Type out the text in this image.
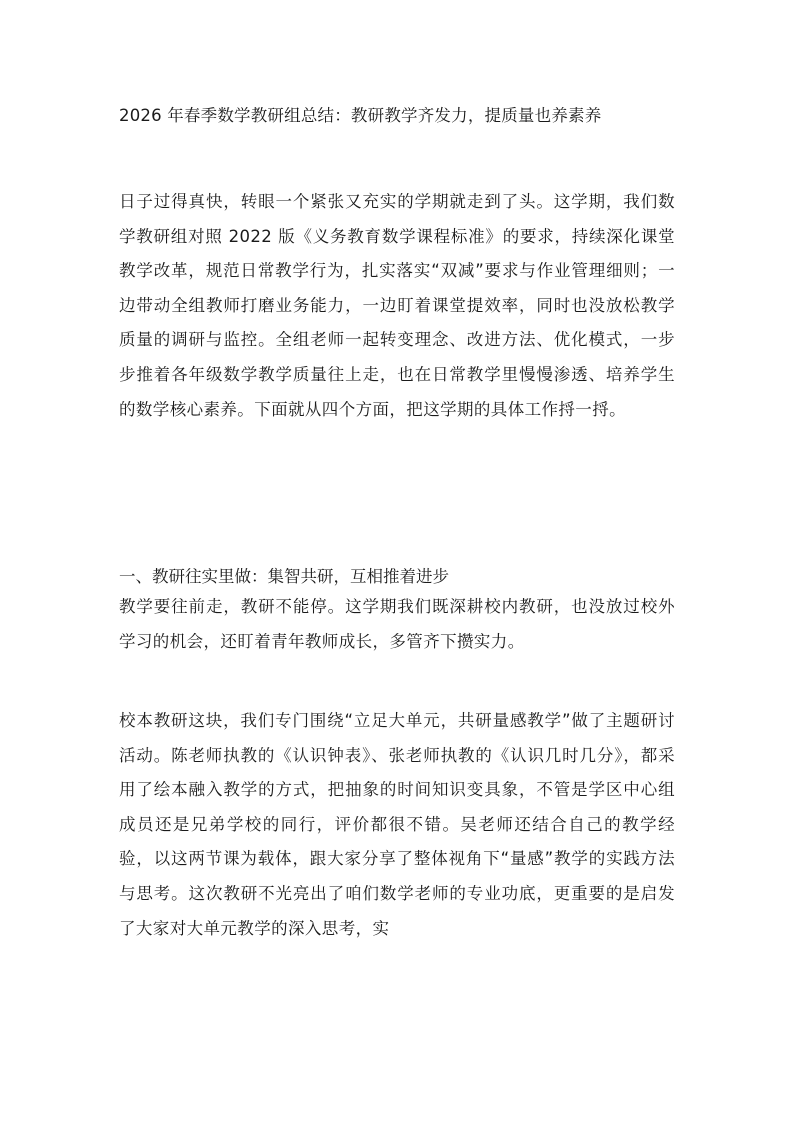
2026 年春季数学教研组总结：教研教学齐发力，提质量也养素养
日子过得真快，转眼一个紧张又充实的学期就走到了头。这学期，我们数学教研组对照 2022 版《义务教育数学课程标准》的要求，持续深化课堂教学改革，规范日常教学行为，扎实落实“双减”要求与作业管理细则；一边带动全组教师打磨业务能力，一边盯着课堂提效率，同时也没放松教学质量的调研与监控。全组老师一起转变理念、改进方法、优化模式，一步步推着各年级数学教学质量往上走，也在日常教学里慢慢渗透、培养学生的数学核心素养。下面就从四个方面，把这学期的具体工作捋一捋。
一、教研往实里做：集智共研，互相推着进步
教学要往前走，教研不能停。这学期我们既深耕校内教研，也没放过校外学习的机会，还盯着青年教师成长，多管齐下攒实力。
校本教研这块，我们专门围绕“立足大单元，共研量感教学”做了主题研讨活动。陈老师执教的《认识钟表》、张老师执教的《认识几时几分》，都采用了绘本融入教学的方式，把抽象的时间知识变具象，不管是学区中心组成员还是兄弟学校的同行，评价都很不错。吴老师还结合自己的教学经验，以这两节课为载体，跟大家分享了整体视角下“量感”教学的实践方法与思考。这次教研不光亮出了咱们数学老师的专业功底，更重要的是启发了大家对大单元教学的深入思考，实
